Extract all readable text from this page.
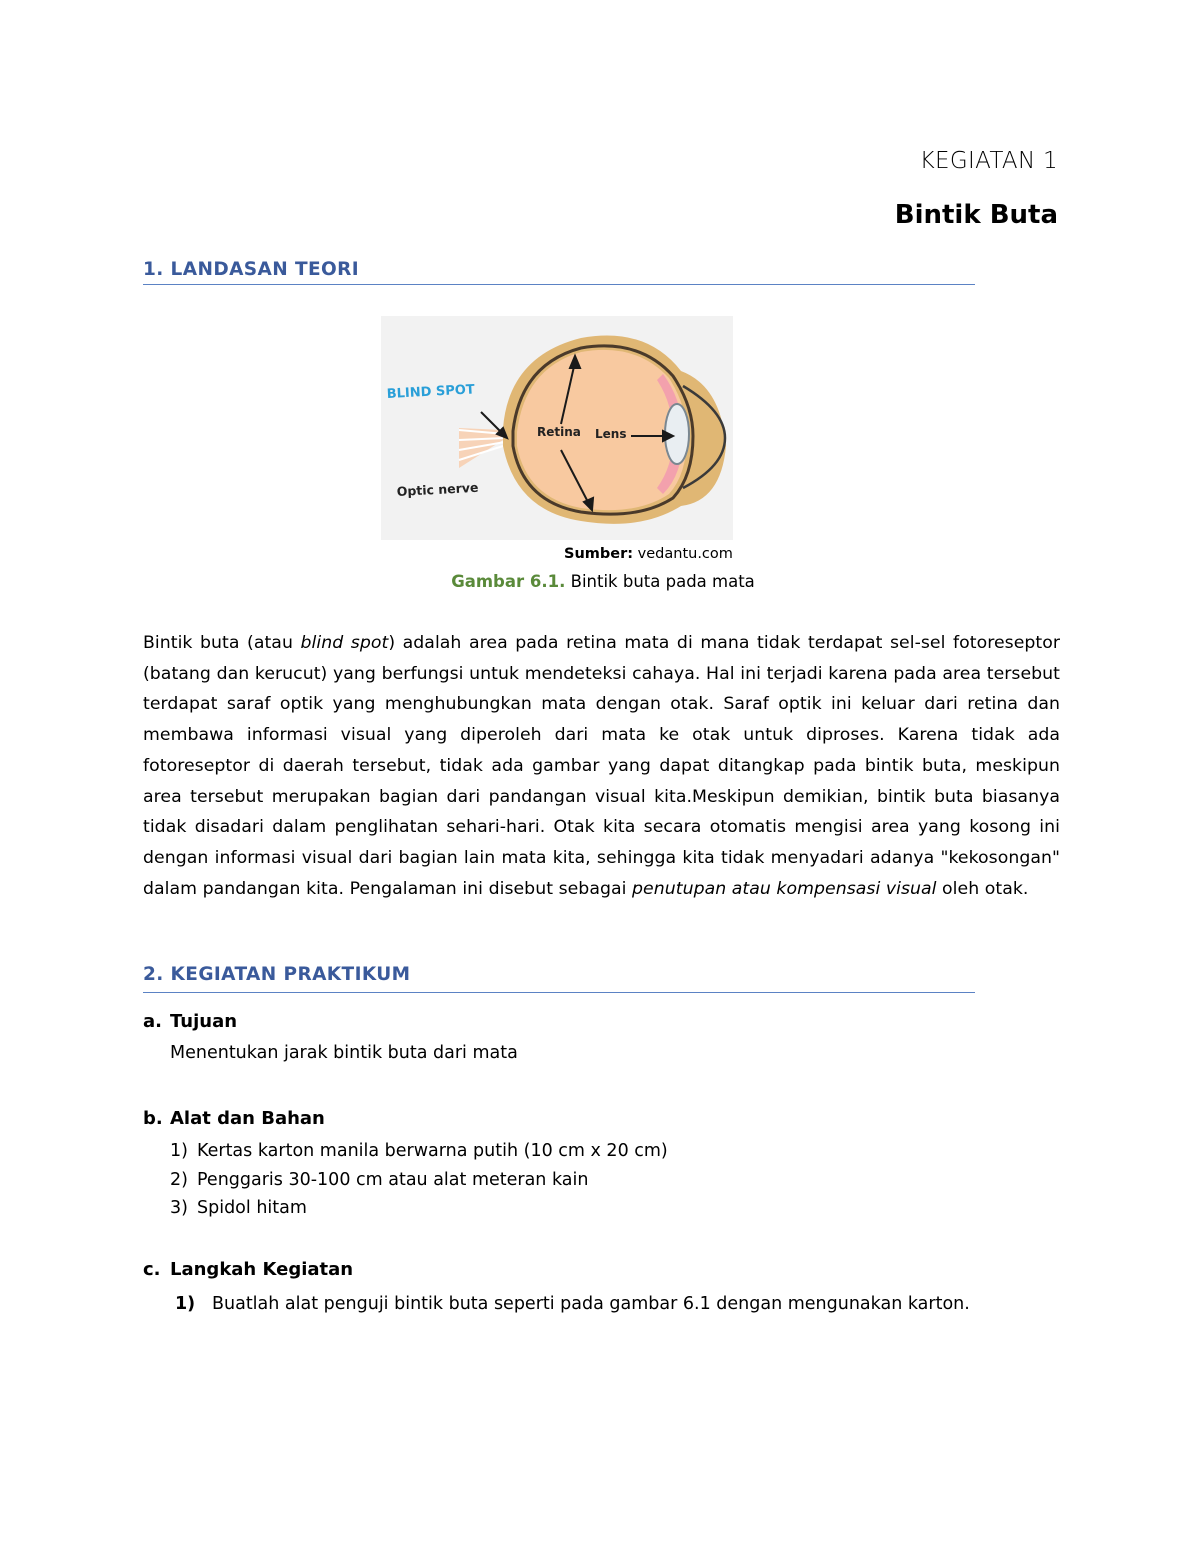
KEGIATAN 1
Bintik Buta
1. LANDASAN TEORI
BLIND SPOT
Retina Lens
Optic nerve
Sumber: vedantu.com
Gambar 6.1. Bintik buta pada mata
Bintik buta (atau blind spot) adalah area pada retina mata di mana tidak terdapat sel-sel fotoreseptor (batang dan kerucut) yang berfungsi untuk mendeteksi cahaya. Hal ini terjadi karena pada area tersebut terdapat saraf optik yang menghubungkan mata dengan otak. Saraf optik ini keluar dari retina dan membawa informasi visual yang diperoleh dari mata ke otak untuk diproses. Karena tidak ada fotoreseptor di daerah tersebut, tidak ada gambar yang dapat ditangkap pada bintik buta, meskipun area tersebut merupakan bagian dari pandangan visual kita.Meskipun demikian, bintik buta biasanya tidak disadari dalam penglihatan sehari-hari. Otak kita secara otomatis mengisi area yang kosong ini dengan informasi visual dari bagian lain mata kita, sehingga kita tidak menyadari adanya "kekosongan" dalam pandangan kita. Pengalaman ini disebut sebagai penutupan atau kompensasi visual oleh otak.
2. KEGIATAN PRAKTIKUM
a. Tujuan
Menentukan jarak bintik buta dari mata
b. Alat dan Bahan
1) Kertas karton manila berwarna putih (10 cm x 20 cm)
2) Penggaris 30-100 cm atau alat meteran kain
3) Spidol hitam
c. Langkah Kegiatan
1) Buatlah alat penguji bintik buta seperti pada gambar 6.1 dengan mengunakan karton.
